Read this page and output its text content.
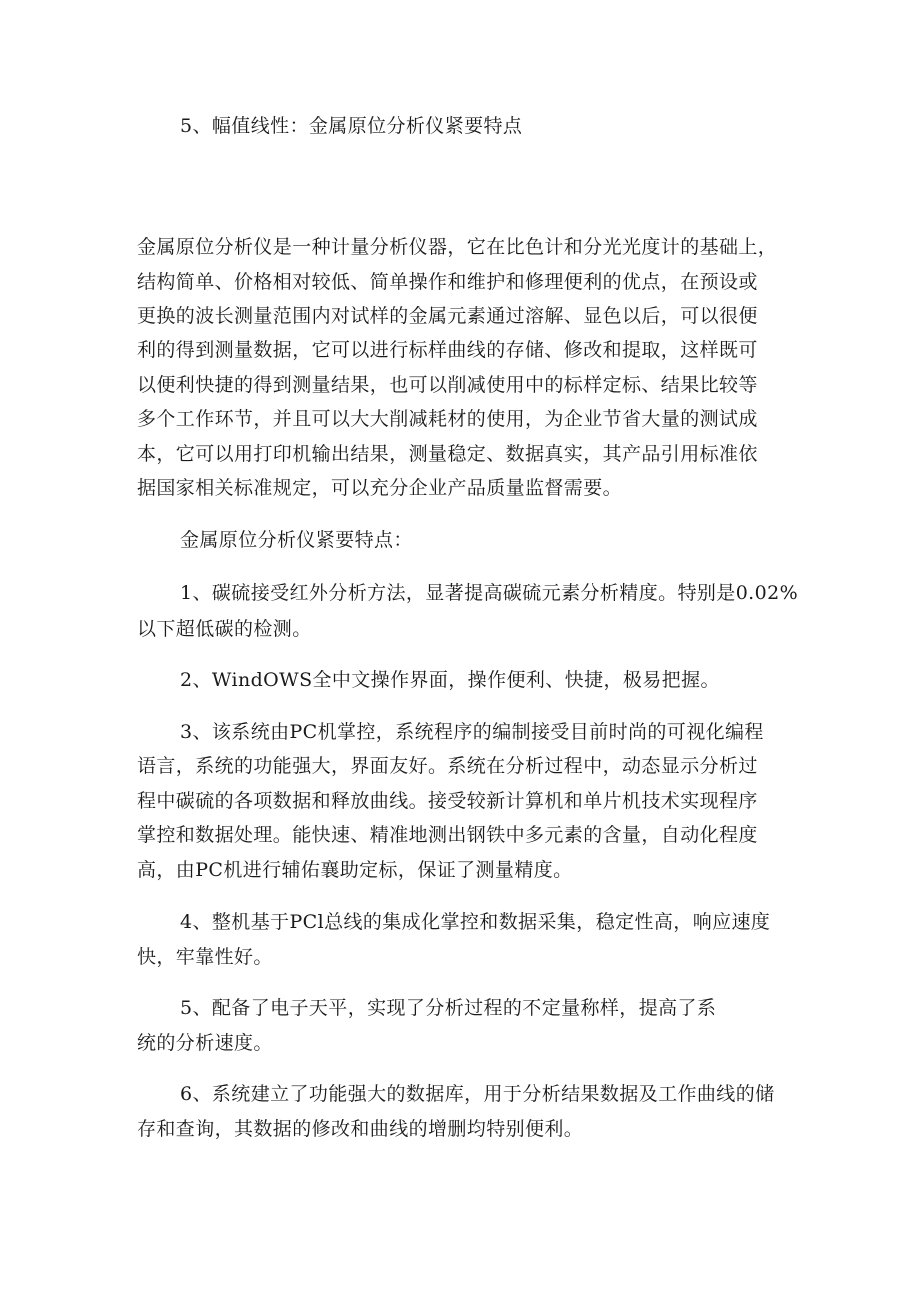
5、幅值线性：金属原位分析仪紧要特点
金属原位分析仪是一种计量分析仪器，它在比色计和分光光度计的基础上，
结构简单、价格相对较低、简单操作和维护和修理便利的优点，在预设或
更换的波长测量范围内对试样的金属元素通过溶解、显色以后，可以很便
利的得到测量数据，它可以进行标样曲线的存储、修改和提取，这样既可
以便利快捷的得到测量结果，也可以削减使用中的标样定标、结果比较等
多个工作环节，并且可以大大削减耗材的使用，为企业节省大量的测试成
本，它可以用打印机输出结果，测量稳定、数据真实，其产品引用标准依
据国家相关标准规定，可以充分企业产品质量监督需要。
金属原位分析仪紧要特点：
1、碳硫接受红外分析方法，显著提高碳硫元素分析精度。特别是0.02%
以下超低碳的检测。
2、WindOWS全中文操作界面，操作便利、快捷，极易把握。
3、该系统由PC机掌控，系统程序的编制接受目前时尚的可视化编程
语言，系统的功能强大，界面友好。系统在分析过程中，动态显示分析过
程中碳硫的各项数据和释放曲线。接受较新计算机和单片机技术实现程序
掌控和数据处理。能快速、精准地测出钢铁中多元素的含量，自动化程度
高，由PC机进行辅佑襄助定标，保证了测量精度。
4、整机基于PCl总线的集成化掌控和数据采集，稳定性高，响应速度
快，牢靠性好。
5、配备了电子天平，实现了分析过程的不定量称样，提高了系
统的分析速度。
6、系统建立了功能强大的数据库，用于分析结果数据及工作曲线的储
存和查询，其数据的修改和曲线的增删均特别便利。
